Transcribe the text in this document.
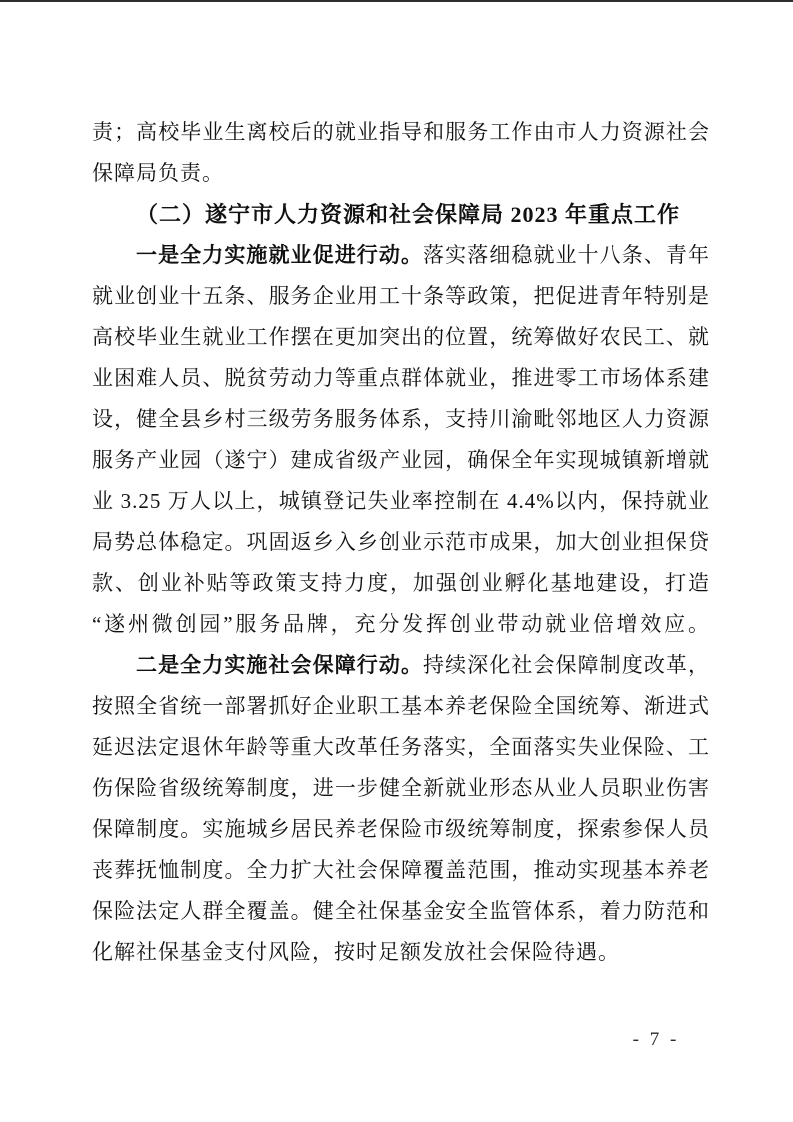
责；高校毕业生离校后的就业指导和服务工作由市人力资源社会
保障局负责。
（二）遂宁市人力资源和社会保障局 2023 年重点工作
一是全力实施就业促进行动。落实落细稳就业十八条、青年
就业创业十五条、服务企业用工十条等政策，把促进青年特别是
高校毕业生就业工作摆在更加突出的位置，统筹做好农民工、就
业困难人员、脱贫劳动力等重点群体就业，推进零工市场体系建
设，健全县乡村三级劳务服务体系，支持川渝毗邻地区人力资源
服务产业园（遂宁）建成省级产业园，确保全年实现城镇新增就
业 3.25 万人以上，城镇登记失业率控制在 4.4%以内，保持就业
局势总体稳定。巩固返乡入乡创业示范市成果，加大创业担保贷
款、创业补贴等政策支持力度，加强创业孵化基地建设，打造
“遂州微创园”服务品牌，充分发挥创业带动就业倍增效应。
二是全力实施社会保障行动。持续深化社会保障制度改革，
按照全省统一部署抓好企业职工基本养老保险全国统筹、渐进式
延迟法定退休年龄等重大改革任务落实，全面落实失业保险、工
伤保险省级统筹制度，进一步健全新就业形态从业人员职业伤害
保障制度。实施城乡居民养老保险市级统筹制度，探索参保人员
丧葬抚恤制度。全力扩大社会保障覆盖范围，推动实现基本养老
保险法定人群全覆盖。健全社保基金安全监管体系，着力防范和
化解社保基金支付风险，按时足额发放社会保险待遇。
- 7 -
